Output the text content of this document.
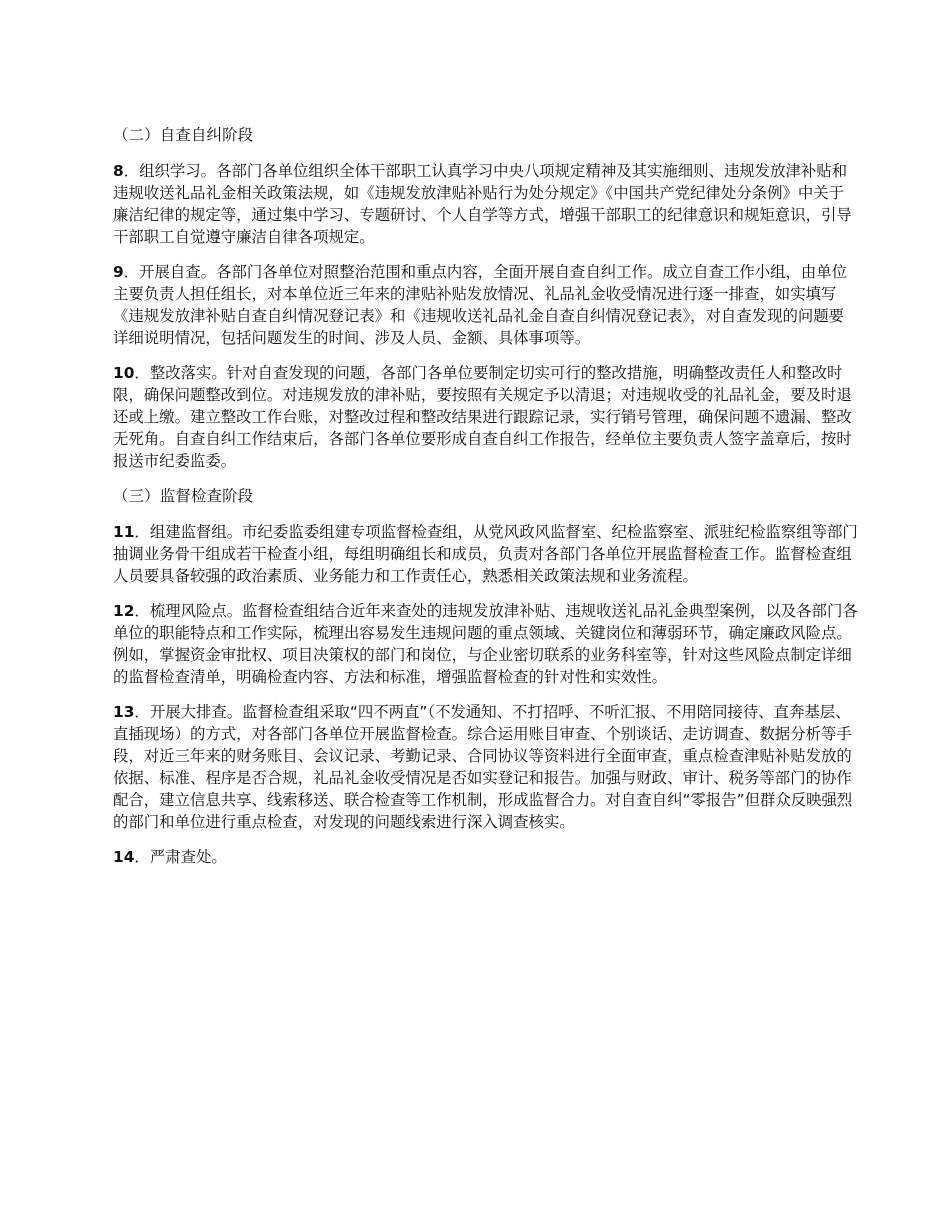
（二）自查自纠阶段
8．组织学习。各部门各单位组织全体干部职工认真学习中央八项规定精神及其实施细则、违规发放津补贴和违规收送礼品礼金相关政策法规，如《违规发放津贴补贴行为处分规定》《中国共产党纪律处分条例》中关于廉洁纪律的规定等，通过集中学习、专题研讨、个人自学等方式，增强干部职工的纪律意识和规矩意识，引导干部职工自觉遵守廉洁自律各项规定。
9．开展自查。各部门各单位对照整治范围和重点内容，全面开展自查自纠工作。成立自查工作小组，由单位主要负责人担任组长，对本单位近三年来的津贴补贴发放情况、礼品礼金收受情况进行逐一排查，如实填写《违规发放津补贴自查自纠情况登记表》和《违规收送礼品礼金自查自纠情况登记表》，对自查发现的问题要详细说明情况，包括问题发生的时间、涉及人员、金额、具体事项等。
10．整改落实。针对自查发现的问题，各部门各单位要制定切实可行的整改措施，明确整改责任人和整改时限，确保问题整改到位。对违规发放的津补贴，要按照有关规定予以清退；对违规收受的礼品礼金，要及时退还或上缴。建立整改工作台账，对整改过程和整改结果进行跟踪记录，实行销号管理，确保问题不遗漏、整改无死角。自查自纠工作结束后，各部门各单位要形成自查自纠工作报告，经单位主要负责人签字盖章后，按时报送市纪委监委。
（三）监督检查阶段
11．组建监督组。市纪委监委组建专项监督检查组，从党风政风监督室、纪检监察室、派驻纪检监察组等部门抽调业务骨干组成若干检查小组，每组明确组长和成员，负责对各部门各单位开展监督检查工作。监督检查组人员要具备较强的政治素质、业务能力和工作责任心，熟悉相关政策法规和业务流程。
12．梳理风险点。监督检查组结合近年来查处的违规发放津补贴、违规收送礼品礼金典型案例，以及各部门各单位的职能特点和工作实际，梳理出容易发生违规问题的重点领域、关键岗位和薄弱环节，确定廉政风险点。例如，掌握资金审批权、项目决策权的部门和岗位，与企业密切联系的业务科室等，针对这些风险点制定详细的监督检查清单，明确检查内容、方法和标准，增强监督检查的针对性和实效性。
13．开展大排查。监督检查组采取“四不两直”（不发通知、不打招呼、不听汇报、不用陪同接待、直奔基层、直插现场）的方式，对各部门各单位开展监督检查。综合运用账目审查、个别谈话、走访调查、数据分析等手段，对近三年来的财务账目、会议记录、考勤记录、合同协议等资料进行全面审查，重点检查津贴补贴发放的依据、标准、程序是否合规，礼品礼金收受情况是否如实登记和报告。加强与财政、审计、税务等部门的协作配合，建立信息共享、线索移送、联合检查等工作机制，形成监督合力。对自查自纠“零报告”但群众反映强烈的部门和单位进行重点检查，对发现的问题线索进行深入调查核实。
14．严肃查处。
